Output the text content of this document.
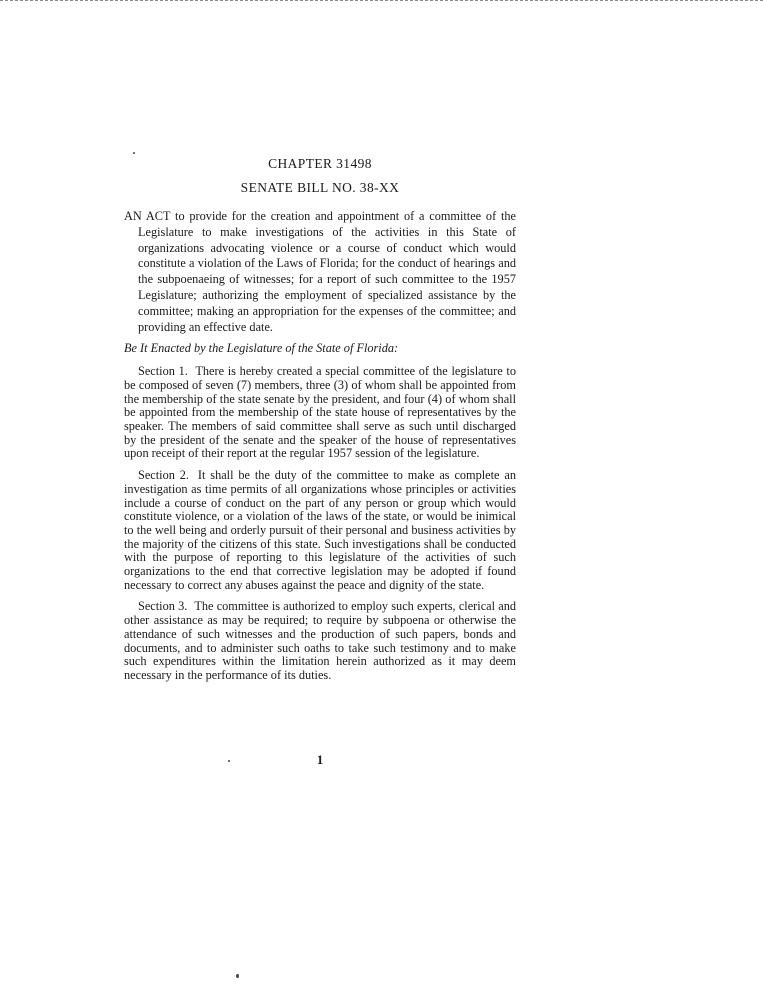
CHAPTER 31498

SENATE BILL NO. 38-XX

AN ACT to provide for the creation and appointment of a committee of the Legislature to make investigations of the activities in this State of organizations advocating violence or a course of conduct which would constitute a violation of the Laws of Florida; for the conduct of hearings and the subpoenaeing of witnesses; for a report of such committee to the 1957 Legislature; authorizing the employment of specialized assistance by the committee; making an appropriation for the expenses of the committee; and providing an effective date.

Be It Enacted by the Legislature of the State of Florida:

Section 1. There is hereby created a special committee of the legislature to be composed of seven (7) members, three (3) of whom shall be appointed from the membership of the state senate by the president, and four (4) of whom shall be appointed from the membership of the state house of representatives by the speaker. The members of said committee shall serve as such until discharged by the president of the senate and the speaker of the house of representatives upon receipt of their report at the regular 1957 session of the legislature.

Section 2. It shall be the duty of the committee to make as complete an investigation as time permits of all organizations whose principles or activities include a course of conduct on the part of any person or group which would constitute violence, or a violation of the laws of the state, or would be inimical to the well being and orderly pursuit of their personal and business activities by the majority of the citizens of this state. Such investigations shall be conducted with the purpose of reporting to this legislature of the activities of such organizations to the end that corrective legislation may be adopted if found necessary to correct any abuses against the peace and dignity of the state.

Section 3. The committee is authorized to employ such experts, clerical and other assistance as may be required; to require by subpoena or otherwise the attendance of such witnesses and the production of such papers, bonds and documents, and to administer such oaths to take such testimony and to make such expenditures within the limitation herein authorized as it may deem necessary in the performance of its duties.

1
